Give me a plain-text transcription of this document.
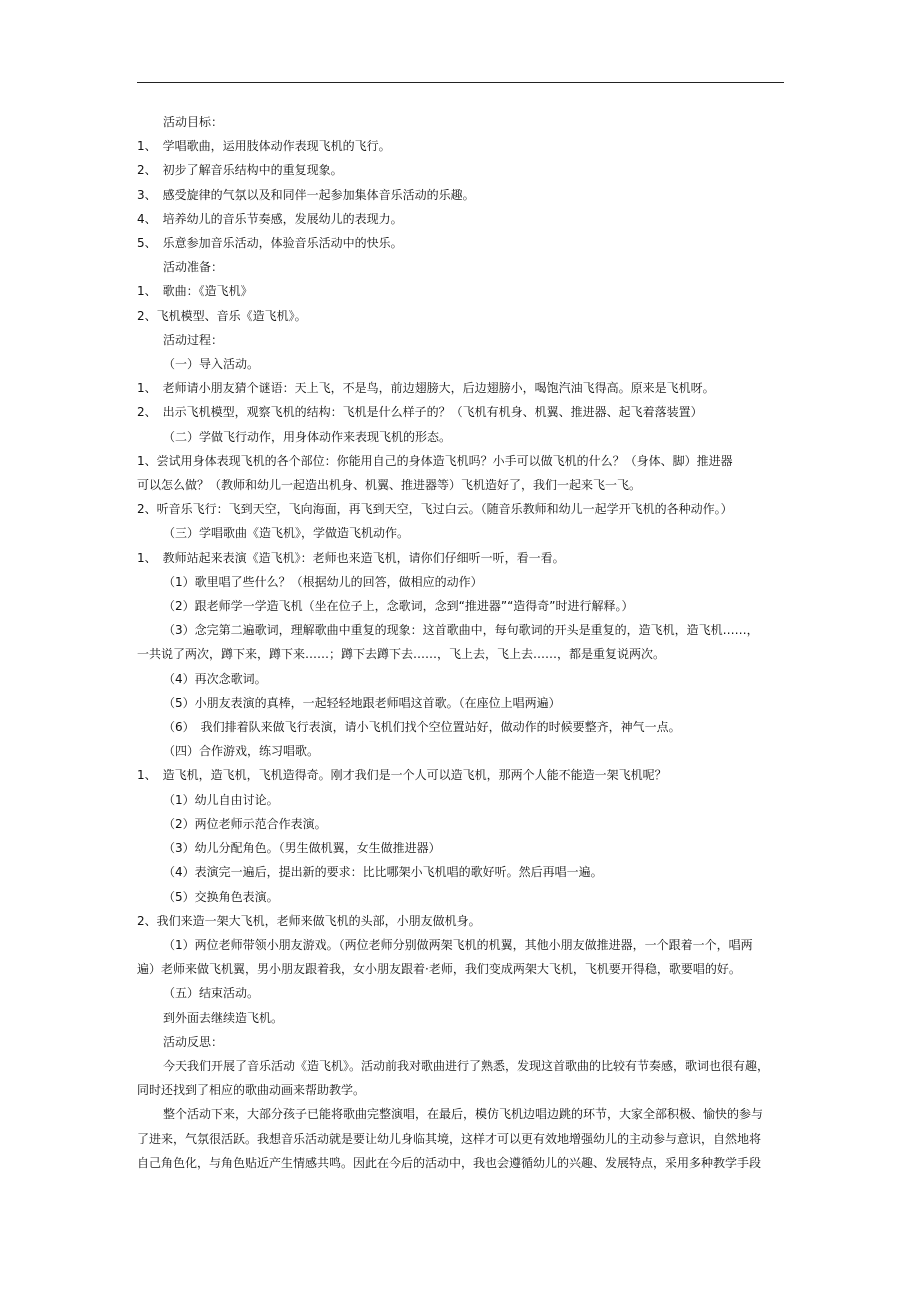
活动目标：
1、　学唱歌曲，运用肢体动作表现飞机的飞行。
2、　初步了解音乐结构中的重复现象。
3、　感受旋律的气氛以及和同伴一起参加集体音乐活动的乐趣。
4、　培养幼儿的音乐节奏感，发展幼儿的表现力。
5、　乐意参加音乐活动，体验音乐活动中的快乐。
活动准备：
1、　歌曲：《造飞机》
2、飞机模型、音乐《造飞机》。
活动过程：
（一）导入活动。
1、　老师请小朋友猜个谜语：天上飞，不是鸟，前边翅膀大，后边翅膀小，喝饱汽油飞得高。原来是飞机呀。
2、　出示飞机模型，观察飞机的结构：飞机是什么样子的？（飞机有机身、机翼、推进器、起飞着落装置）
（二）学做飞行动作，用身体动作来表现飞机的形态。
1、尝试用身体表现飞机的各个部位：你能用自己的身体造飞机吗？小手可以做飞机的什么？（身体、脚）推进器
可以怎么做？（教师和幼儿一起造出机身、机翼、推进器等）飞机造好了，我们一起来飞一飞。
2、听音乐飞行：飞到天空，飞向海面，再飞到天空，飞过白云。（随音乐教师和幼儿一起学开飞机的各种动作。）
（三）学唱歌曲《造飞机》，学做造飞机动作。
1、　教师站起来表演《造飞机》：老师也来造飞机，请你们仔细听一听，看一看。
（1）歌里唱了些什么？（根据幼儿的回答，做相应的动作）
（2）跟老师学一学造飞机（坐在位子上，念歌词，念到“推进器”“造得奇”时进行解释。）
（3）念完第二遍歌词，理解歌曲中重复的现象：这首歌曲中，每句歌词的开头是重复的，造飞机，造飞机……，
一共说了两次，蹲下来，蹲下来……；蹲下去蹲下去……，飞上去，飞上去……，都是重复说两次。
（4）再次念歌词。
（5）小朋友表演的真棒，一起轻轻地跟老师唱这首歌。（在座位上唱两遍）
（6）　我们排着队来做飞行表演，请小飞机们找个空位置站好，做动作的时候要整齐，神气一点。
（四）合作游戏，练习唱歌。
1、　造飞机，造飞机，飞机造得奇。刚才我们是一个人可以造飞机，那两个人能不能造一架飞机呢？
（1）幼儿自由讨论。
（2）两位老师示范合作表演。
（3）幼儿分配角色。（男生做机翼，女生做推进器）
（4）表演完一遍后，提出新的要求：比比哪架小飞机唱的歌好听。然后再唱一遍。
（5）交换角色表演。
2、我们来造一架大飞机，老师来做飞机的头部，小朋友做机身。
（1）两位老师带领小朋友游戏。（两位老师分别做两架飞机的机翼，其他小朋友做推进器，一个跟着一个，唱两
遍）老师来做飞机翼，男小朋友跟着我，女小朋友跟着·老师，我们变成两架大飞机，飞机要开得稳，歌要唱的好。
（五）结束活动。
到外面去继续造飞机。
活动反思：
今天我们开展了音乐活动《造飞机》。活动前我对歌曲进行了熟悉，发现这首歌曲的比较有节奏感，歌词也很有趣，
同时还找到了相应的歌曲动画来帮助教学。
整个活动下来，大部分孩子已能将歌曲完整演唱，在最后，模仿飞机边唱边跳的环节，大家全部积极、愉快的参与
了进来，气氛很活跃。我想音乐活动就是要让幼儿身临其境，这样才可以更有效地增强幼儿的主动参与意识，自然地将
自己角色化，与角色贴近产生情感共鸣。因此在今后的活动中，我也会遵循幼儿的兴趣、发展特点，采用多种教学手段
